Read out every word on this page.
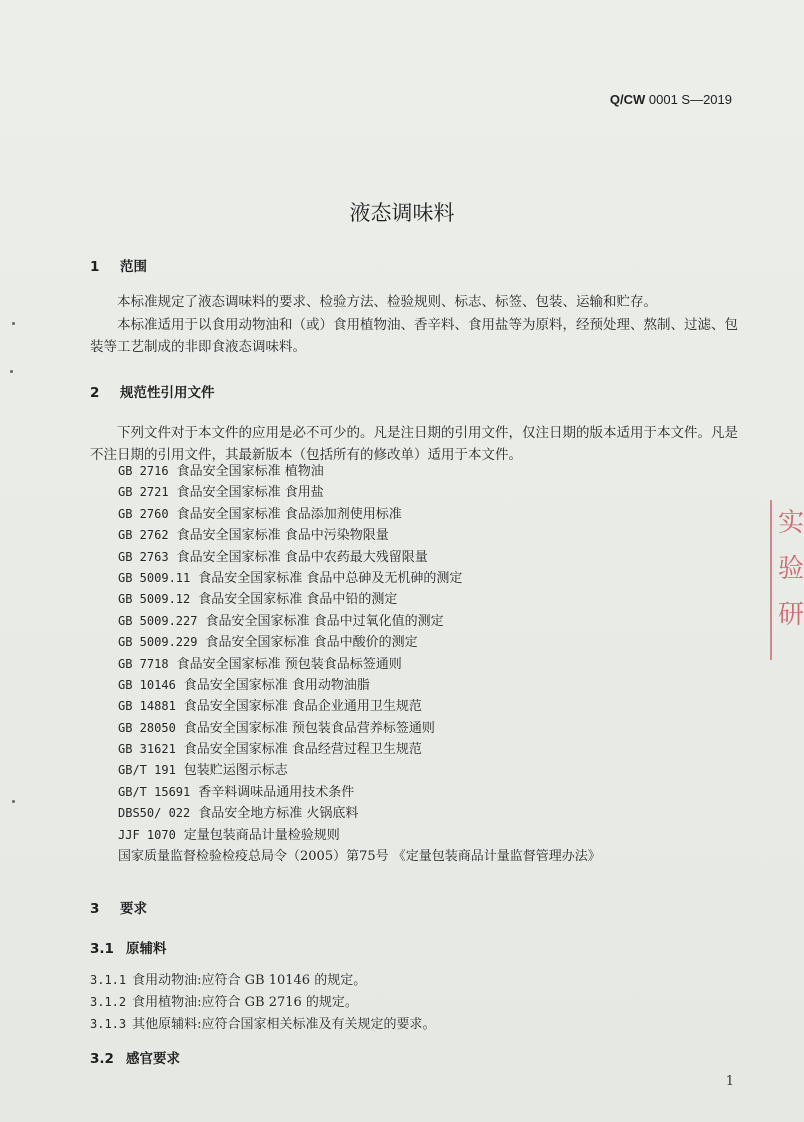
Q/CW 0001 S—2019
液态调味料
1 范围
本标准规定了液态调味料的要求、检验方法、检验规则、标志、标签、包装、运输和贮存。
本标准适用于以食用动物油和（或）食用植物油、香辛料、食用盐等为原料，经预处理、熬制、过滤、包装等工艺制成的非即食液态调味料。
2 规范性引用文件
下列文件对于本文件的应用是必不可少的。凡是注日期的引用文件，仅注日期的版本适用于本文件。凡是不注日期的引用文件，其最新版本（包括所有的修改单）适用于本文件。
GB 2716 食品安全国家标准 植物油
GB 2721 食品安全国家标准 食用盐
GB 2760 食品安全国家标准 食品添加剂使用标准
GB 2762 食品安全国家标准 食品中污染物限量
GB 2763 食品安全国家标准 食品中农药最大残留限量
GB 5009.11 食品安全国家标准 食品中总砷及无机砷的测定
GB 5009.12 食品安全国家标准 食品中铅的测定
GB 5009.227 食品安全国家标准 食品中过氧化值的测定
GB 5009.229 食品安全国家标准 食品中酸价的测定
GB 7718 食品安全国家标准 预包装食品标签通则
GB 10146 食品安全国家标准 食用动物油脂
GB 14881 食品安全国家标准 食品企业通用卫生规范
GB 28050 食品安全国家标准 预包装食品营养标签通则
GB 31621 食品安全国家标准 食品经营过程卫生规范
GB/T 191 包装贮运图示标志
GB/T 15691 香辛料调味品通用技术条件
DBS50/ 022 食品安全地方标准 火锅底料
JJF 1070 定量包装商品计量检验规则
国家质量监督检验检疫总局令（2005）第75号 《定量包装商品计量监督管理办法》
3 要求
3.1 原辅料
3.1.1 食用动物油:应符合 GB 10146 的规定。
3.1.2 食用植物油:应符合 GB 2716 的规定。
3.1.3 其他原辅料:应符合国家相关标准及有关规定的要求。
3.2 感官要求
1
实验研
